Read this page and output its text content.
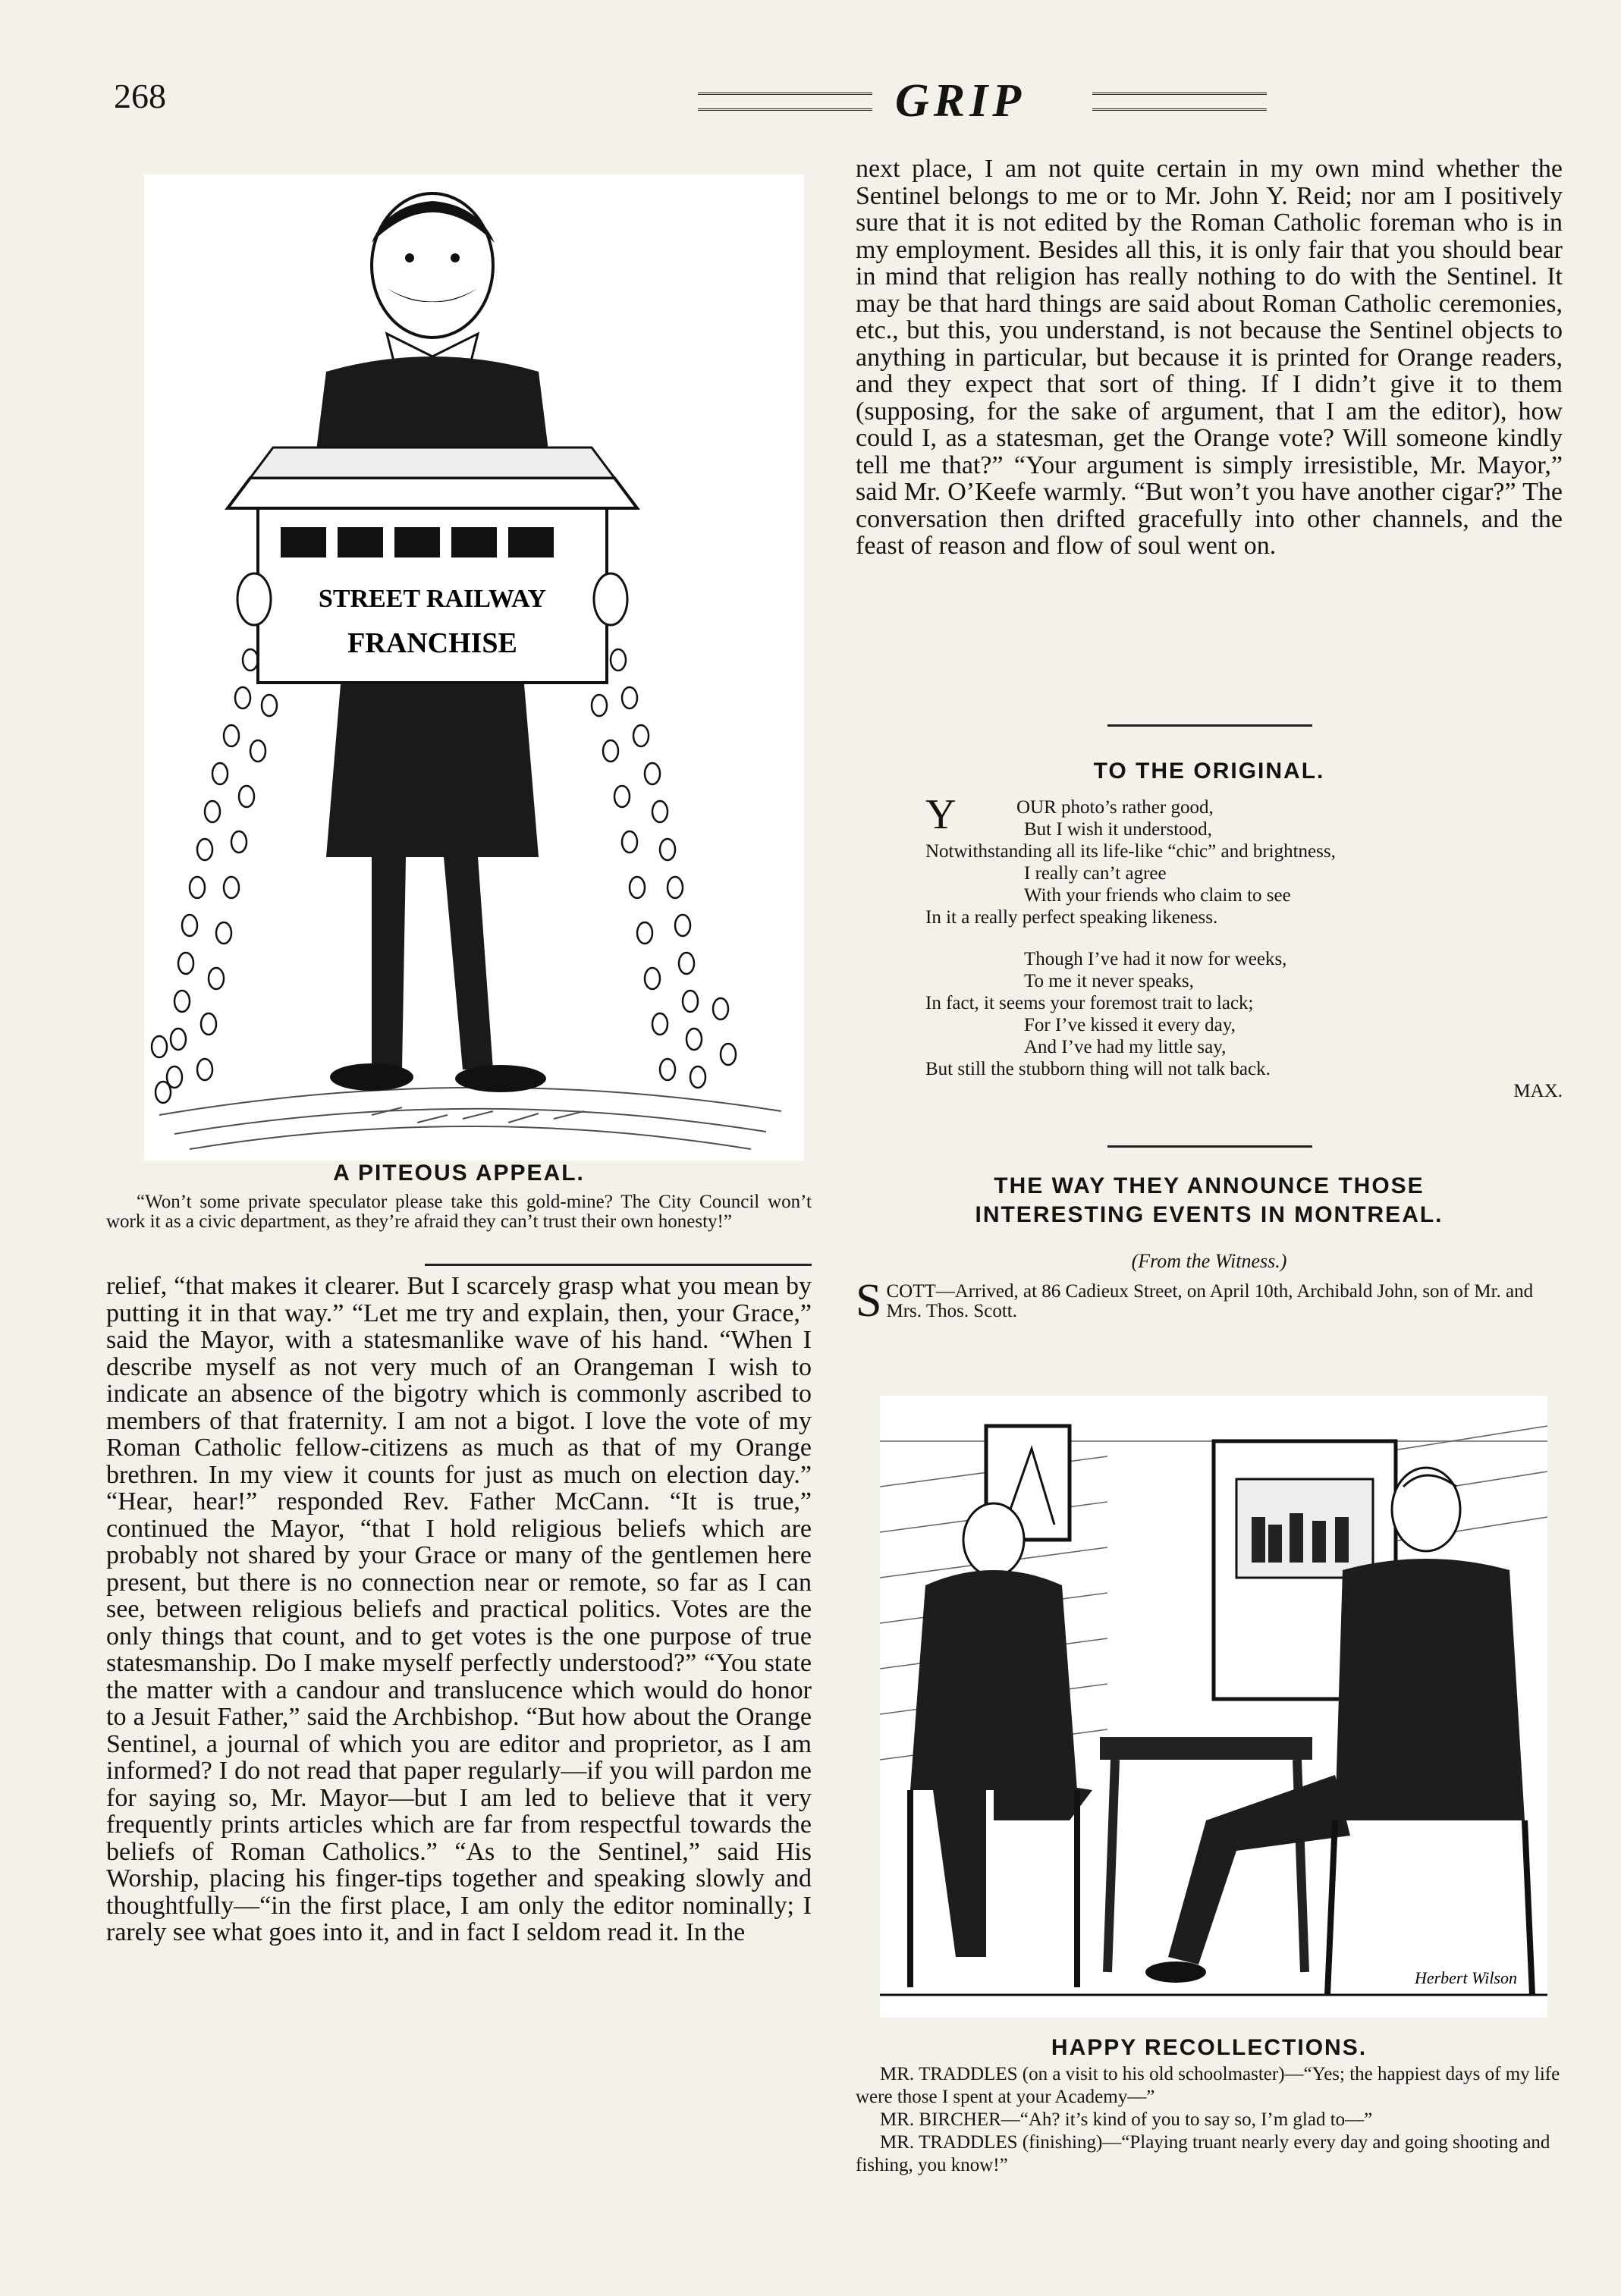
268	GRIP
STREET RAILWAY
FRANCHISE
A PITEOUS APPEAL.
“Won’t some private speculator please take this gold-mine? The City Council won’t work it as a civic department, as they’re afraid they can’t trust their own honesty!”

relief, “that makes it clearer. But I scarcely grasp what you mean by putting it in that way.” “Let me try and explain, then, your Grace,” said the Mayor, with a statesmanlike wave of his hand. “When I describe myself as not very much of an Orangeman I wish to indicate an absence of the bigotry which is commonly ascribed to members of that fraternity. I am not a bigot. I love the vote of my Roman Catholic fellow-citizens as much as that of my Orange brethren. In my view it counts for just as much on election day.” “Hear, hear!” responded Rev. Father McCann. “It is true,” continued the Mayor, “that I hold religious beliefs which are probably not shared by your Grace or many of the gentlemen here present, but there is no connection near or remote, so far as I can see, between religious beliefs and practical politics. Votes are the only things that count, and to get votes is the one purpose of true statesmanship. Do I make myself perfectly understood?” “You state the matter with a candour and translucence which would do honor to a Jesuit Father,” said the Archbishop. “But how about the Orange Sentinel, a journal of which you are editor and proprietor, as I am informed? I do not read that paper regularly—if you will pardon me for saying so, Mr. Mayor—but I am led to believe that it very frequently prints articles which are far from respectful towards the beliefs of Roman Catholics.” “As to the Sentinel,” said His Worship, placing his finger-tips together and speaking slowly and thoughtfully—“in the first place, I am only the editor nominally; I rarely see what goes into it, and in fact I seldom read it. In the

next place, I am not quite certain in my own mind whether the Sentinel belongs to me or to Mr. John Y. Reid; nor am I positively sure that it is not edited by the Roman Catholic foreman who is in my employment. Besides all this, it is only fair that you should bear in mind that religion has really nothing to do with the Sentinel. It may be that hard things are said about Roman Catholic ceremonies, etc., but this, you understand, is not because the Sentinel objects to anything in particular, but because it is printed for Orange readers, and they expect that sort of thing. If I didn’t give it to them (supposing, for the sake of argument, that I am the editor), how could I, as a statesman, get the Orange vote? Will someone kindly tell me that?” “Your argument is simply irresistible, Mr. Mayor,” said Mr. O’Keefe warmly. “But won’t you have another cigar?” The conversation then drifted gracefully into other channels, and the feast of reason and flow of soul went on.

TO THE ORIGINAL.
Y	OUR photo’s rather good,
But I wish it understood,
Notwithstanding all its life-like “chic” and brightness,
I really can’t agree
With your friends who claim to see
In it a really perfect speaking likeness.
Though I’ve had it now for weeks,
To me it never speaks,
In fact, it seems your foremost trait to lack;
For I’ve kissed it every day,
And I’ve had my little say,
But still the stubborn thing will not talk back.
MAX.
THE WAY THEY ANNOUNCE THOSE
INTERESTING EVENTS IN MONTREAL.
(From the Witness.)
S COTT—Arrived, at 86 Cadieux Street, on April 10th, Archibald John, son of Mr. and Mrs. Thos. Scott.
Herbert Wilson
HAPPY RECOLLECTIONS.

MR. TRADDLES (on a visit to his old schoolmaster)—“Yes; the happiest days of my life were those I spent at your Academy—”

MR. BIRCHER—“Ah? it’s kind of you to say so, I’m glad to—”

MR. TRADDLES (finishing)—“Playing truant nearly every day and going shooting and fishing, you know!”
